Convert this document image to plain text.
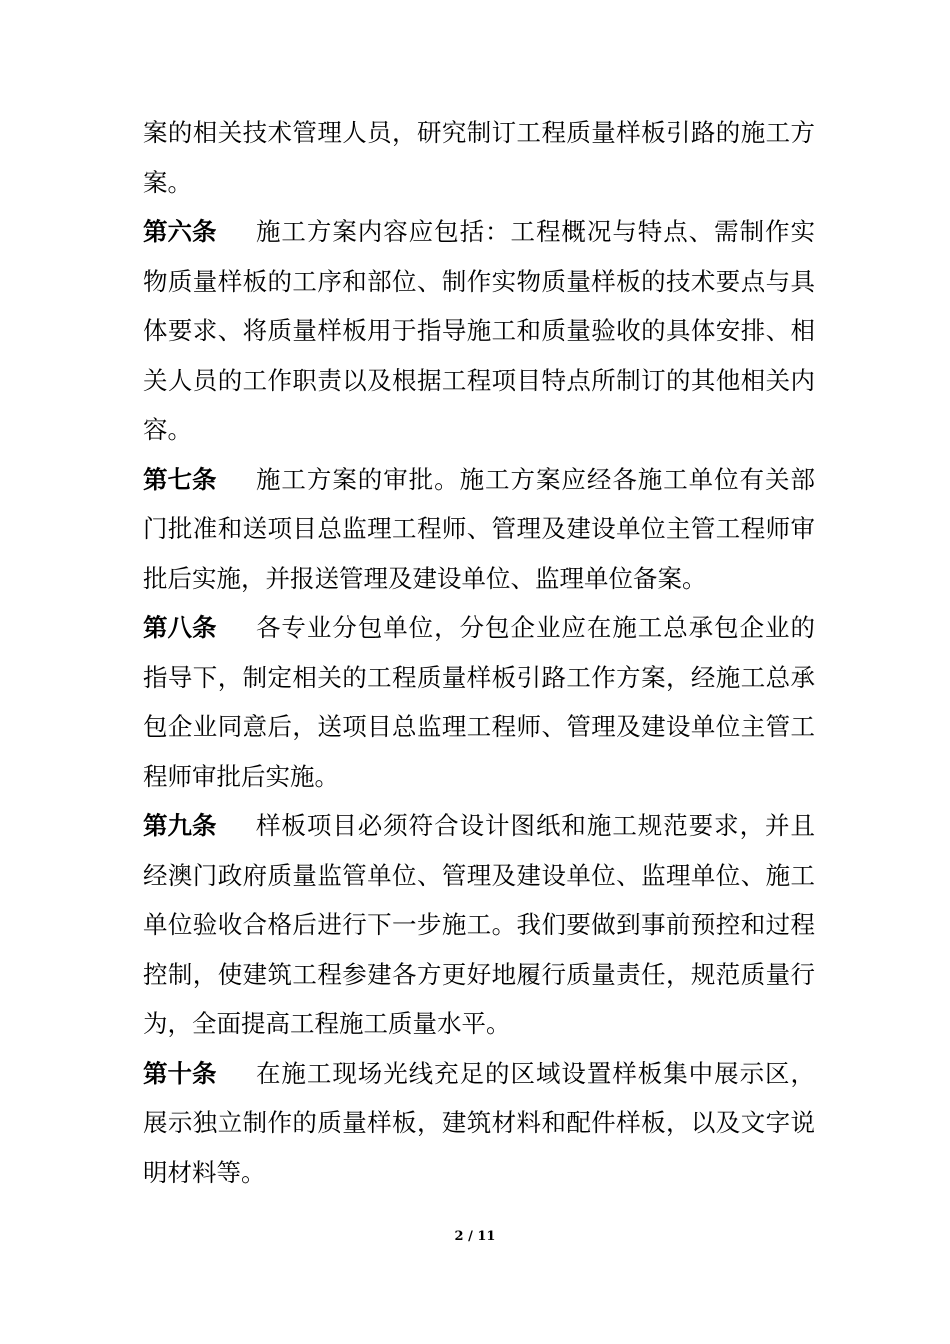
案的相关技术管理人员，研究制订工程质量样板引路的施工方案。

第六条 施工方案内容应包括：工程概况与特点、需制作实物质量样板的工序和部位、制作实物质量样板的技术要点与具体要求、将质量样板用于指导施工和质量验收的具体安排、相关人员的工作职责以及根据工程项目特点所制订的其他相关内容。

第七条 施工方案的审批。施工方案应经各施工单位有关部门批准和送项目总监理工程师、管理及建设单位主管工程师审批后实施，并报送管理及建设单位、监理单位备案。

第八条 各专业分包单位，分包企业应在施工总承包企业的指导下，制定相关的工程质量样板引路工作方案，经施工总承包企业同意后，送项目总监理工程师、管理及建设单位主管工程师审批后实施。

第九条 样板项目必须符合设计图纸和施工规范要求，并且经澳门政府质量监管单位、管理及建设单位、监理单位、施工单位验收合格后进行下一步施工。我们要做到事前预控和过程控制，使建筑工程参建各方更好地履行质量责任，规范质量行为，全面提高工程施工质量水平。

第十条 在施工现场光线充足的区域设置样板集中展示区，展示独立制作的质量样板，建筑材料和配件样板，以及文字说明材料等。

2 / 11
